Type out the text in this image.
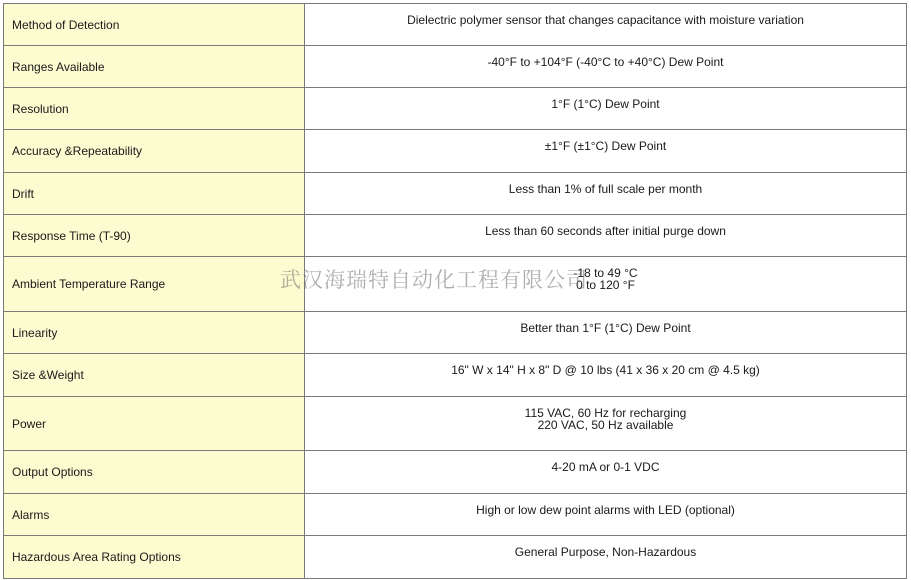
Method of Detection	Dielectric polymer sensor that changes capacitance with moisture variation

Ranges Available	-40°F to +104°F (-40°C to +40°C) Dew Point

Resolution	1°F (1°C) Dew Point

Accuracy &Repeatability	±1°F (±1°C) Dew Point

Drift	Less than 1% of full scale per month

Response Time (T-90)	Less than 60 seconds after initial purge down

Ambient Temperature Range	-18 to 49 °C
0 to 120 °F

Linearity	Better than 1°F (1°C) Dew Point

Size &Weight	16" W x 14" H x 8" D @ 10 lbs (41 x 36 x 20 cm @ 4.5 kg)

Power	115 VAC, 60 Hz for recharging
220 VAC, 50 Hz available

Output Options	4-20 mA or 0-1 VDC

Alarms	High or low dew point alarms with LED (optional)

Hazardous Area Rating Options	General Purpose, Non-Hazardous
武汉海瑞特自动化工程有限公司
